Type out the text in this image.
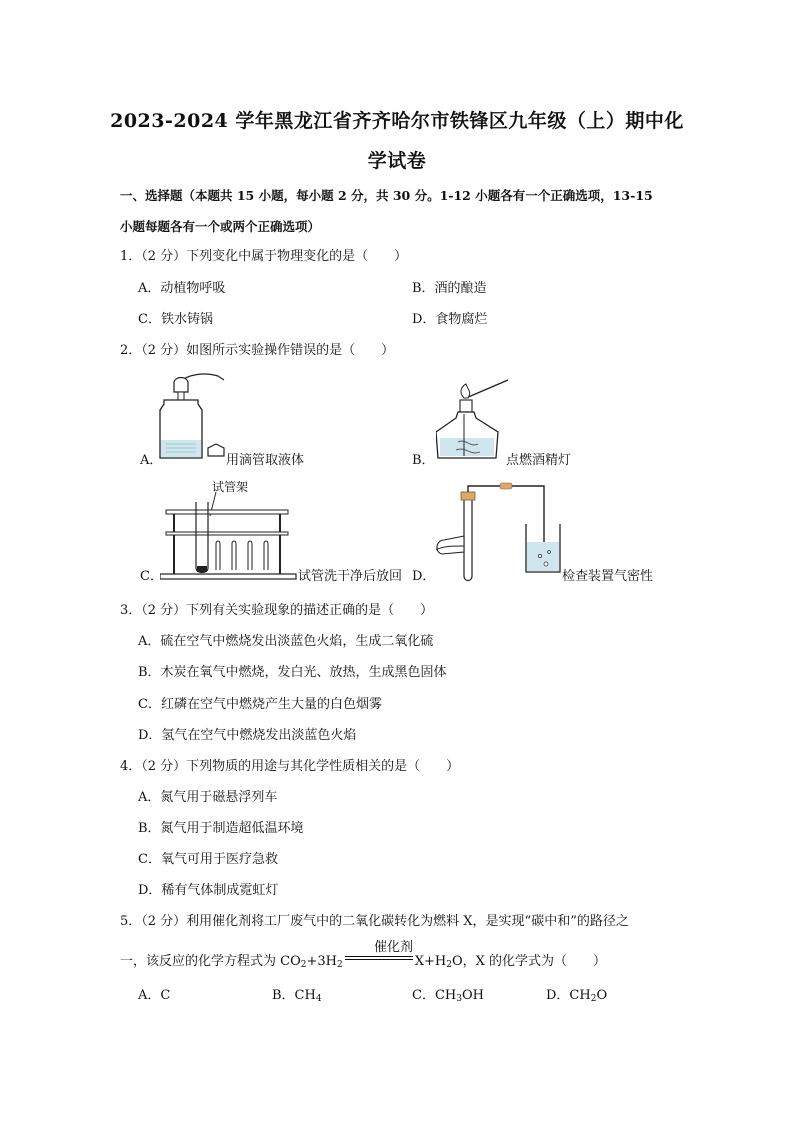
2023-2024 学年黑龙江省齐齐哈尔市铁锋区九年级（上）期中化
学试卷
一、选择题（本题共 15 小题，每小题 2 分，共 30 分。1-12 小题各有一个正确选项，13-15
小题每题各有一个或两个正确选项）
1．（2 分）下列变化中属于物理变化的是（　　）
A．动植物呼吸	B．酒的酿造
C．铁水铸锅	D．食物腐烂
2．（2 分）如图所示实验操作错误的是（　　）
A．	用滴管取液体	B．	点燃酒精灯
试管架
C．	试管洗干净后放回 D．	检查装置气密性
3．（2 分）下列有关实验现象的描述正确的是（　　）
A．硫在空气中燃烧发出淡蓝色火焰，生成二氧化硫
B．木炭在氧气中燃烧，发白光、放热，生成黑色固体
C．红磷在空气中燃烧产生大量的白色烟雾
D．氢气在空气中燃烧发出淡蓝色火焰
4．（2 分）下列物质的用途与其化学性质相关的是（　　）
A．氮气用于磁悬浮列车
B．氮气用于制造超低温环境
C．氧气可用于医疗急救
D．稀有气体制成霓虹灯
5．（2 分）利用催化剂将工厂废气中的二氧化碳转化为燃料 X，是实现“碳中和”的路径之
一，该反应的化学方程式为 $CO_2+3H_2$	$X+H_2O$，X 的化学式为（　　）
催化剂
A．C	B．$CH_4$	C．$CH_3OH$	D．$CH_2O$
